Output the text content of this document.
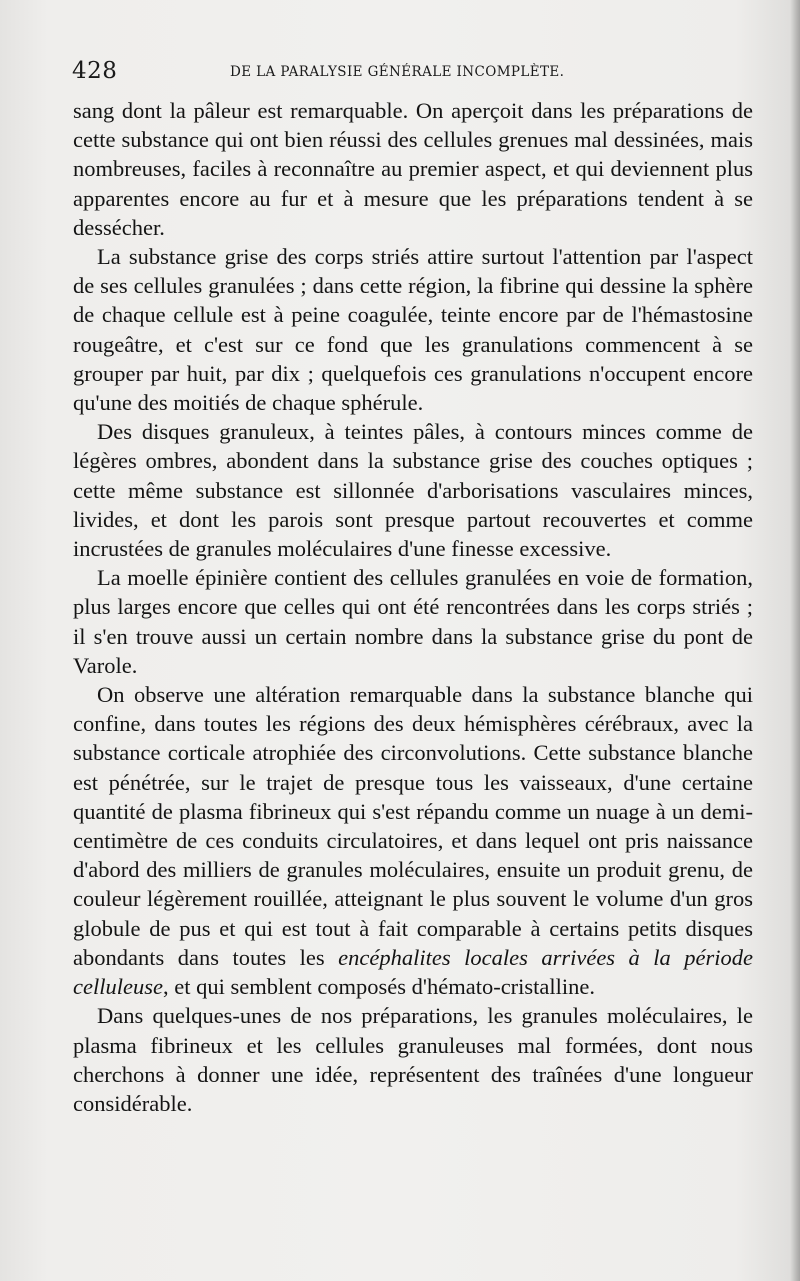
428	DE LA PARALYSIE GÉNÉRALE INCOMPLÈTE.

sang dont la pâleur est remarquable. On aperçoit dans les préparations de cette substance qui ont bien réussi des cellules grenues mal dessinées, mais nombreuses, faciles à reconnaître au premier aspect, et qui deviennent plus apparentes encore au fur et à mesure que les préparations tendent à se dessécher.

La substance grise des corps striés attire surtout l'attention par l'aspect de ses cellules granulées ; dans cette région, la fibrine qui dessine la sphère de chaque cellule est à peine coagulée, teinte encore par de l'hémastosine rougeâtre, et c'est sur ce fond que les granulations commencent à se grouper par huit, par dix ; quelquefois ces granulations n'occupent encore qu'une des moitiés de chaque sphérule.

Des disques granuleux, à teintes pâles, à contours minces comme de légères ombres, abondent dans la substance grise des couches optiques ; cette même substance est sillonnée d'arborisations vasculaires minces, livides, et dont les parois sont presque partout recouvertes et comme incrustées de granules moléculaires d'une finesse excessive.

La moelle épinière contient des cellules granulées en voie de formation, plus larges encore que celles qui ont été rencontrées dans les corps striés ; il s'en trouve aussi un certain nombre dans la substance grise du pont de Varole.

On observe une altération remarquable dans la substance blanche qui confine, dans toutes les régions des deux hémisphères cérébraux, avec la substance corticale atrophiée des circonvolutions. Cette substance blanche est pénétrée, sur le trajet de presque tous les vaisseaux, d'une certaine quantité de plasma fibrineux qui s'est répandu comme un nuage à un demi-centimètre de ces conduits circulatoires, et dans lequel ont pris naissance d'abord des milliers de granules moléculaires, ensuite un produit grenu, de couleur légèrement rouillée, atteignant le plus souvent le volume d'un gros globule de pus et qui est tout à fait comparable à certains petits disques abondants dans toutes les encéphalites locales arrivées à la période celluleuse, et qui semblent composés d'hémato-cristalline.

Dans quelques-unes de nos préparations, les granules moléculaires, le plasma fibrineux et les cellules granuleuses mal formées, dont nous cherchons à donner une idée, représentent des traînées d'une longueur considérable.
